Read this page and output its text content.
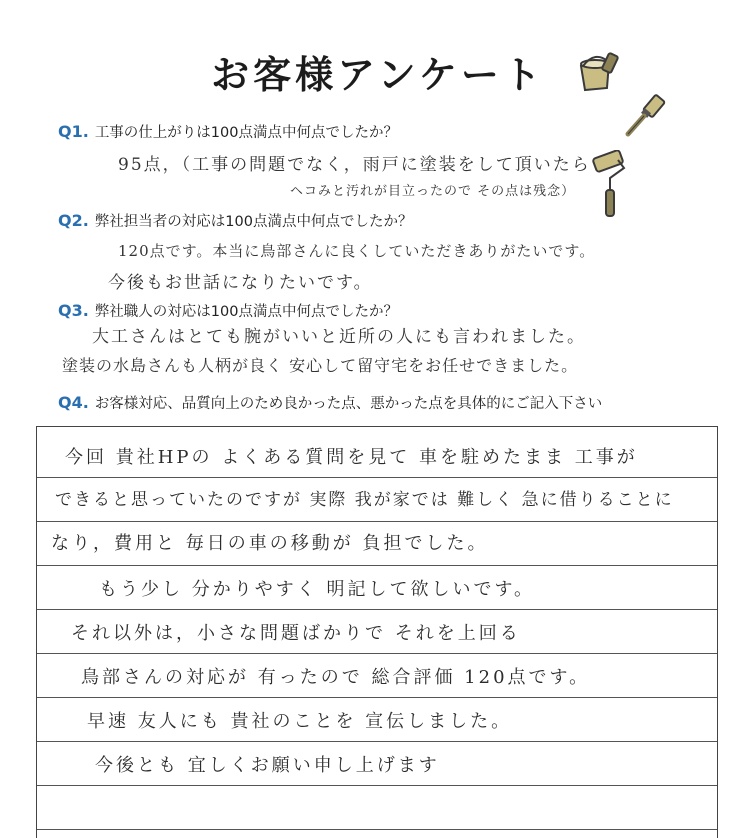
お客様アンケート
Q1. 工事の仕上がりは100点満点中何点でしたか？
95点，（工事の問題でなく，雨戸に塗装をして頂いたら
ヘコみと汚れが目立ったので その点は残念）
Q2. 弊社担当者の対応は100点満点中何点でしたか？
120点です。本当に鳥部さんに良くしていただきありがたいです。
今後もお世話になりたいです。
Q3. 弊社職人の対応は100点満点中何点でしたか？
大工さんはとても腕がいいと近所の人にも言われました。
塗装の水島さんも人柄が良く 安心して留守宅をお任せできました。
Q4. お客様対応、品質向上のため良かった点、悪かった点を具体的にご記入下さい
今回 貴社HPの よくある質問を見て 車を駐めたまま 工事が
できると思っていたのですが 実際 我が家では 難しく 急に借りることに
なり，費用と 毎日の車の移動が 負担でした。
もう少し 分かりやすく 明記して欲しいです。
それ以外は，小さな問題ばかりで それを上回る
鳥部さんの対応が 有ったので 総合評価 120点です。
早速 友人にも 貴社のことを 宣伝しました。
今後とも 宜しくお願い申し上げます
